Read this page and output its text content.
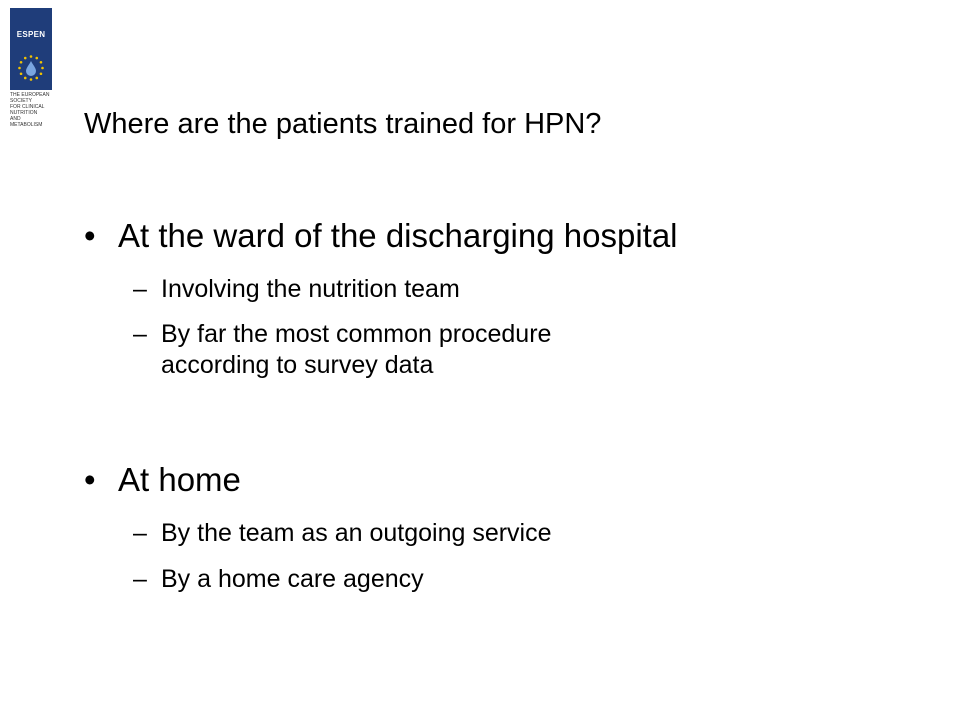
ESPEN
THE EUROPEAN
SOCIETY
FOR CLINICAL
NUTRITION
AND
METABOLISM	Where are the patients trained for HPN?
• At the ward of the discharging hospital
– Involving the nutrition team
– By far the most common procedure
according to survey data
• At home
– By the team as an outgoing service
– By a home care agency
